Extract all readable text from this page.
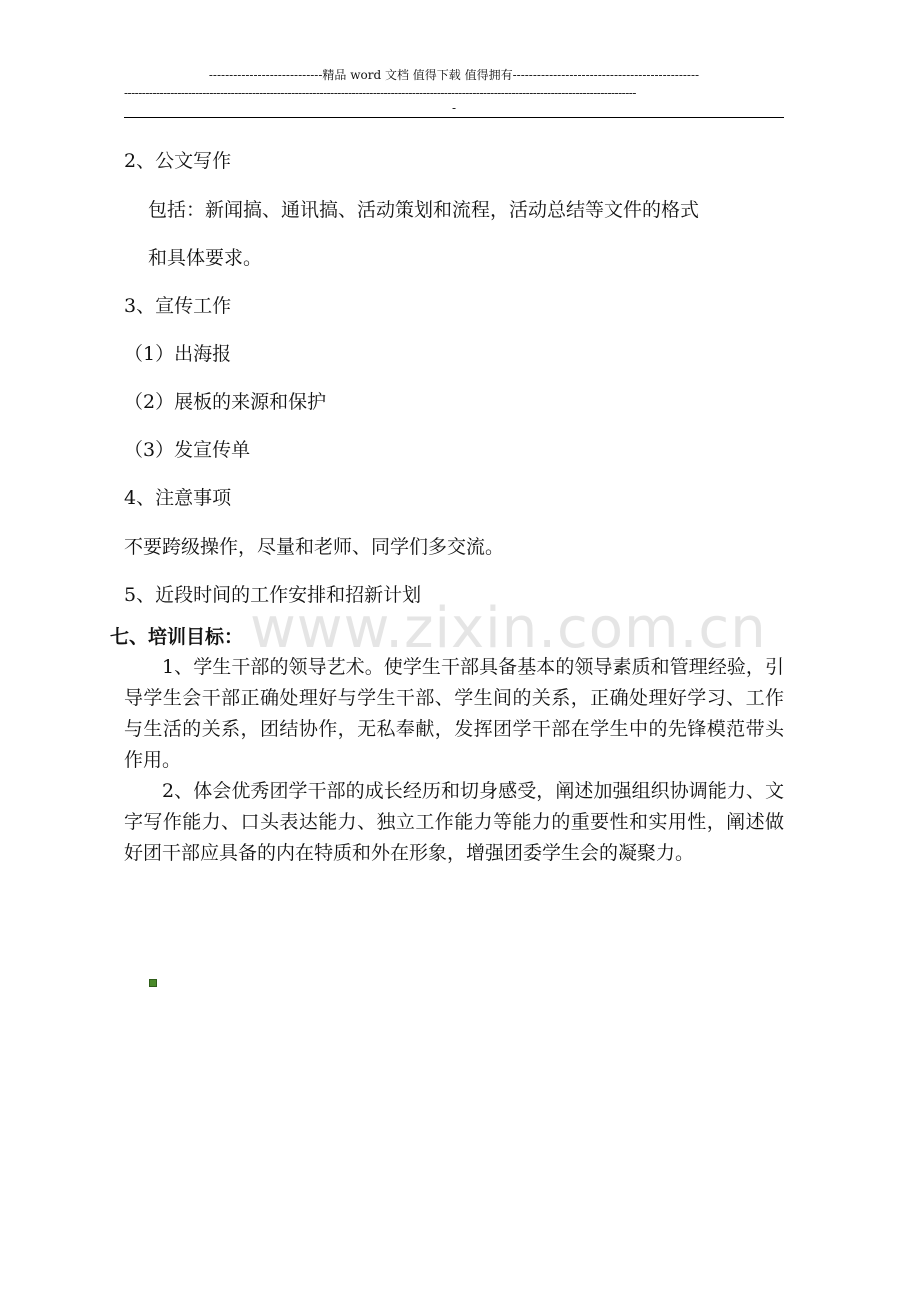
----------------------------精品 word 文档 值得下载 值得拥有----------------------------------------------
------------------------------------------------------------------------------------------------------------------------------------------------
-
2、公文写作
包括：新闻搞、通讯搞、活动策划和流程，活动总结等文件的格式
和具体要求。
3、宣传工作
（1）出海报
（2）展板的来源和保护
（3）发宣传单
4、注意事项
不要跨级操作，尽量和老师、同学们多交流。
5、近段时间的工作安排和招新计划
www.zixin.com.cn
七、培训目标：
1、学生干部的领导艺术。使学生干部具备基本的领导素质和管理经验，引导学生会干部正确处理好与学生干部、学生间的关系，正确处理好学习、工作与生活的关系，团结协作，无私奉献，发挥团学干部在学生中的先锋模范带头作用。
2、体会优秀团学干部的成长经历和切身感受，阐述加强组织协调能力、文字写作能力、口头表达能力、独立工作能力等能力的重要性和实用性，阐述做好团干部应具备的内在特质和外在形象，增强团委学生会的凝聚力。
